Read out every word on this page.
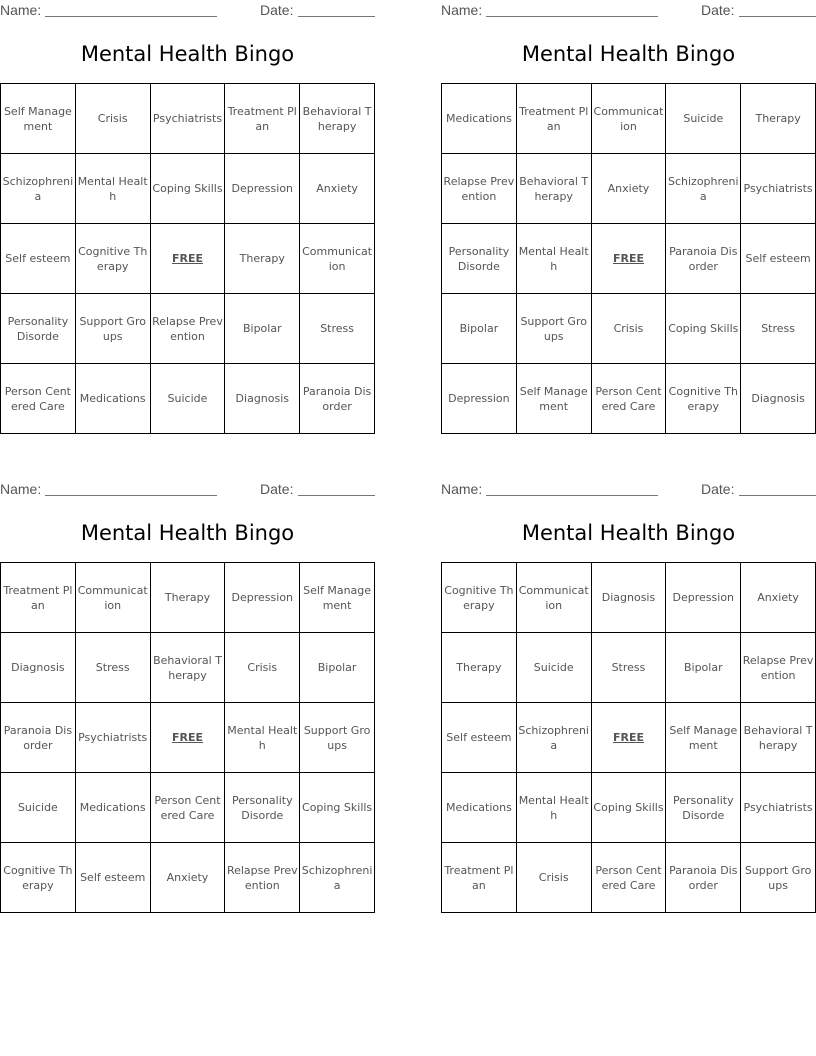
Name:	Date:
Mental Health Bingo
Self Management	Crisis	Psychiatrists	Treatment Plan	Behavioral Therapy
Schizophrenia	Mental Health	Coping Skills	Depression	Anxiety
Self esteem	Cognitive Therapy	FREE	Therapy	Communication
Personality Disorde	Support Groups	Relapse Prevention	Bipolar	Stress
Person Centered Care	Medications	Suicide	Diagnosis	Paranoia Disorder
Name:	Date:
Mental Health Bingo
Medications	Treatment Plan	Communication	Suicide	Therapy
Relapse Prevention	Behavioral Therapy	Anxiety	Schizophrenia	Psychiatrists
Personality Disorde	Mental Health	FREE	Paranoia Disorder	Self esteem
Bipolar	Support Groups	Crisis	Coping Skills	Stress
Depression	Self Management	Person Centered Care	Cognitive Therapy	Diagnosis
Name:	Date:
Mental Health Bingo
Treatment Plan	Communication	Therapy	Depression	Self Management
Diagnosis	Stress	Behavioral Therapy	Crisis	Bipolar
Paranoia Disorder	Psychiatrists	FREE	Mental Health	Support Groups
Suicide	Medications	Person Centered Care	Personality Disorde	Coping Skills
Cognitive Therapy	Self esteem	Anxiety	Relapse Prevention	Schizophrenia
Name:	Date:
Mental Health Bingo
Cognitive Therapy	Communication	Diagnosis	Depression	Anxiety
Therapy	Suicide	Stress	Bipolar	Relapse Prevention
Self esteem	Schizophrenia	FREE	Self Management	Behavioral Therapy
Medications	Mental Health	Coping Skills	Personality Disorde	Psychiatrists
Treatment Plan	Crisis	Person Centered Care	Paranoia Disorder	Support Groups
